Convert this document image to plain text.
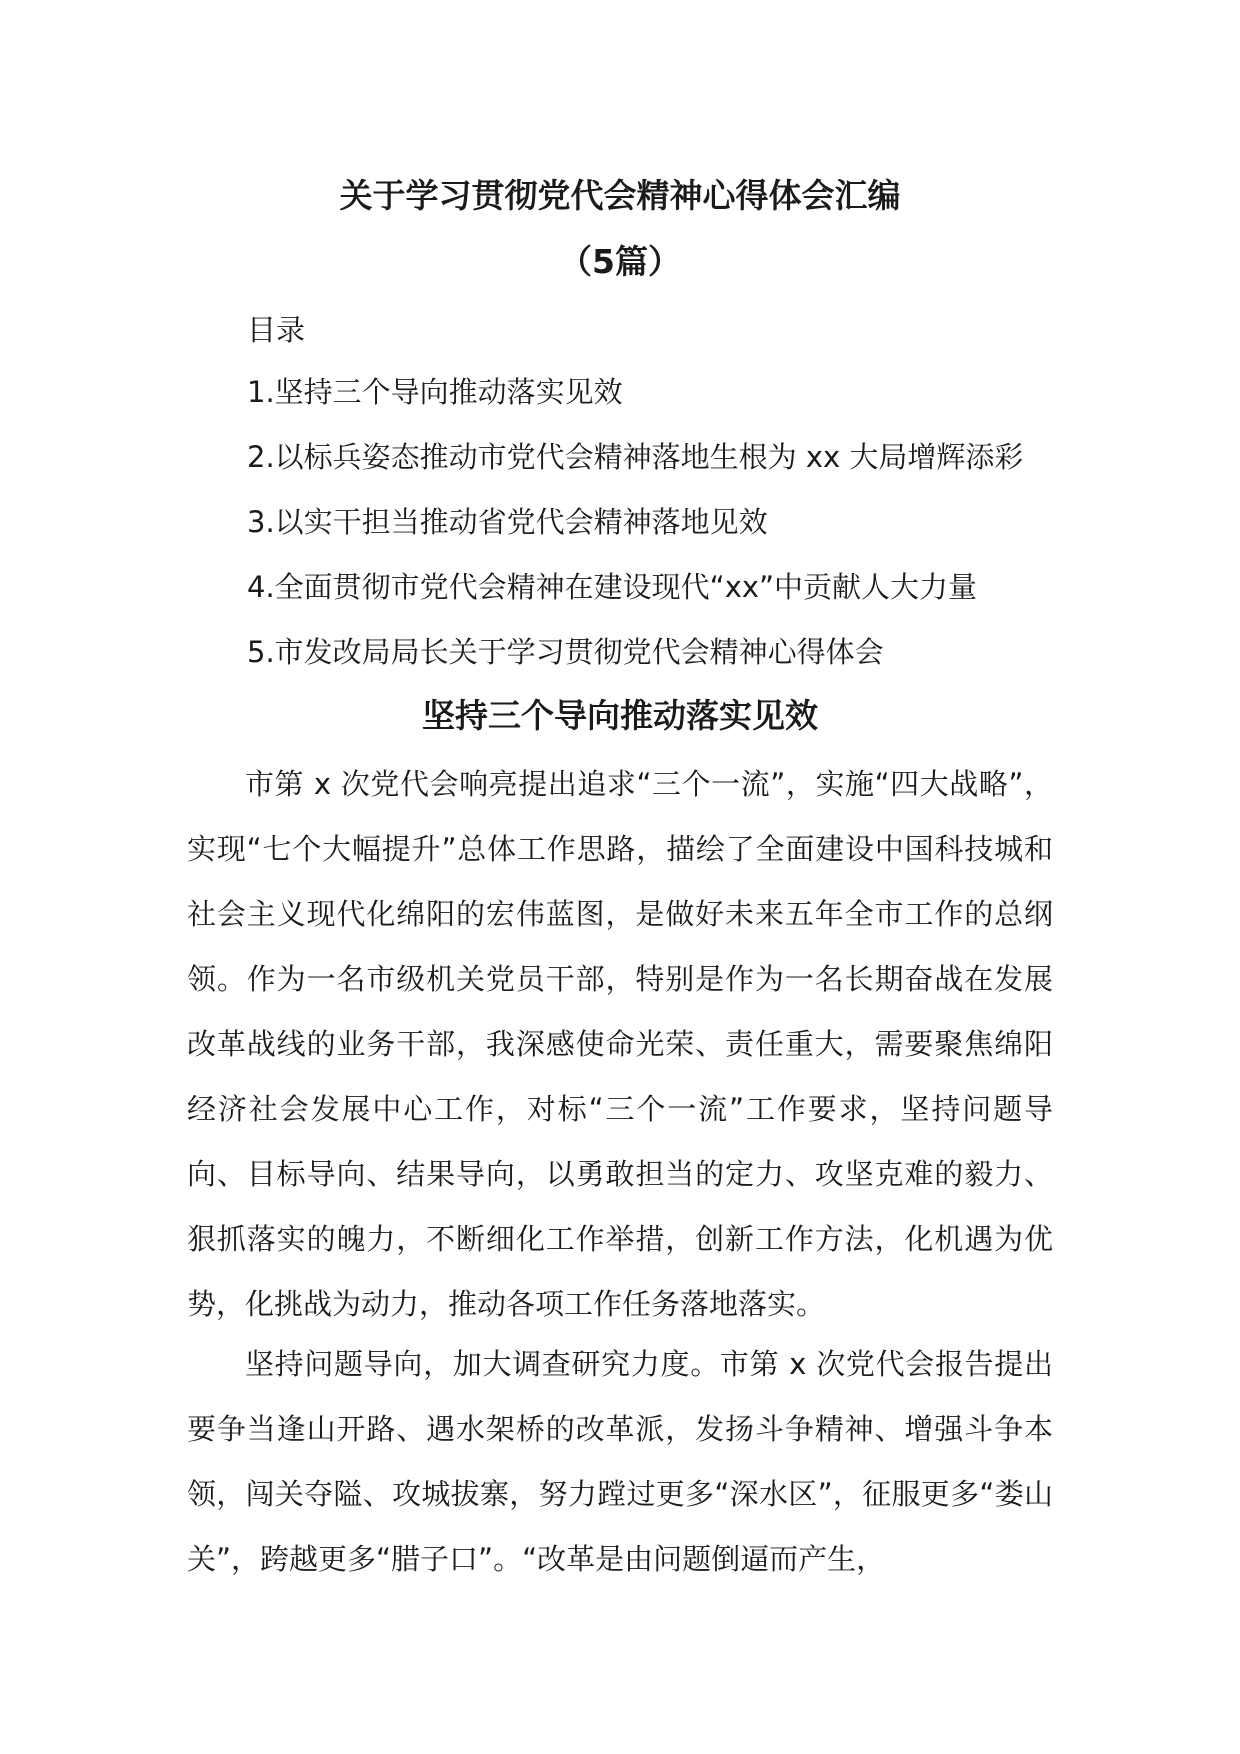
关于学习贯彻党代会精神心得体会汇编
（5篇）
目录
1.坚持三个导向推动落实见效
2.以标兵姿态推动市党代会精神落地生根为 xx 大局增辉添彩
3.以实干担当推动省党代会精神落地见效
4.全面贯彻市党代会精神在建设现代“xx”中贡献人大力量
5.市发改局局长关于学习贯彻党代会精神心得体会
坚持三个导向推动落实见效

市第 x 次党代会响亮提出追求“三个一流”，实施“四大战略”，实现“七个大幅提升”总体工作思路，描绘了全面建设中国科技城和社会主义现代化绵阳的宏伟蓝图，是做好未来五年全市工作的总纲领。作为一名市级机关党员干部，特别是作为一名长期奋战在发展改革战线的业务干部，我深感使命光荣、责任重大，需要聚焦绵阳经济社会发展中心工作，对标“三个一流”工作要求，坚持问题导向、目标导向、结果导向，以勇敢担当的定力、攻坚克难的毅力、狠抓落实的魄力，不断细化工作举措，创新工作方法，化机遇为优势，化挑战为动力，推动各项工作任务落地落实。

坚持问题导向，加大调查研究力度。市第 x 次党代会报告提出要争当逢山开路、遇水架桥的改革派，发扬斗争精神、增强斗争本领，闯关夺隘、攻城拔寨，努力蹚过更多“深水区”，征服更多“娄山关”，跨越更多“腊子口”。“改革是由问题倒逼而产生，
